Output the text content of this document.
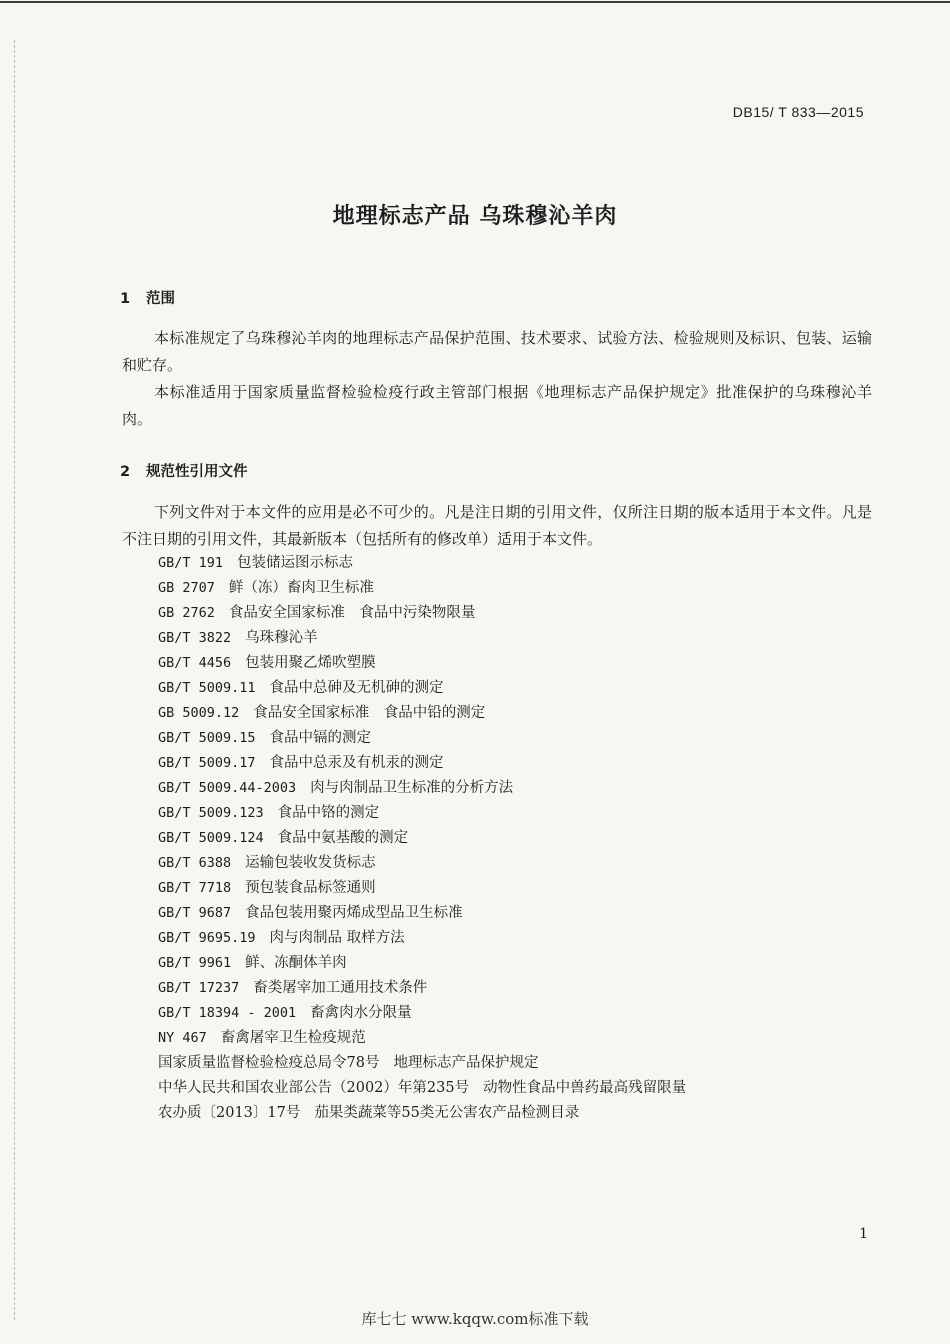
DB15/ T 833—2015
地理标志产品 乌珠穆沁羊肉
1 范围
本标准规定了乌珠穆沁羊肉的地理标志产品保护范围、技术要求、试验方法、检验规则及标识、包装、运输和贮存。
本标准适用于国家质量监督检验检疫行政主管部门根据《地理标志产品保护规定》批准保护的乌珠穆沁羊肉。
2 规范性引用文件
下列文件对于本文件的应用是必不可少的。凡是注日期的引用文件，仅所注日期的版本适用于本文件。凡是不注日期的引用文件，其最新版本（包括所有的修改单）适用于本文件。
GB/T 191 包装储运图示标志
GB 2707 鲜（冻）畜肉卫生标准
GB 2762 食品安全国家标准　食品中污染物限量
GB/T 3822 乌珠穆沁羊
GB/T 4456 包装用聚乙烯吹塑膜
GB/T 5009.11 食品中总砷及无机砷的测定
GB 5009.12 食品安全国家标准　食品中铅的测定
GB/T 5009.15 食品中镉的测定
GB/T 5009.17 食品中总汞及有机汞的测定
GB/T 5009.44-2003 肉与肉制品卫生标准的分析方法
GB/T 5009.123 食品中铬的测定
GB/T 5009.124 食品中氨基酸的测定
GB/T 6388 运输包装收发货标志
GB/T 7718 预包装食品标签通则
GB/T 9687 食品包装用聚丙烯成型品卫生标准
GB/T 9695.19 肉与肉制品 取样方法
GB/T 9961 鲜、冻酮体羊肉
GB/T 17237 畜类屠宰加工通用技术条件
GB/T 18394 - 2001 畜禽肉水分限量
NY 467 畜禽屠宰卫生检疫规范
国家质量监督检验检疫总局令78号 地理标志产品保护规定
中华人民共和国农业部公告（2002）年第235号 动物性食品中兽药最高残留限量
农办质〔2013〕17号 茄果类蔬菜等55类无公害农产品检测目录
1
库七七 www.kqqw.com标准下载
